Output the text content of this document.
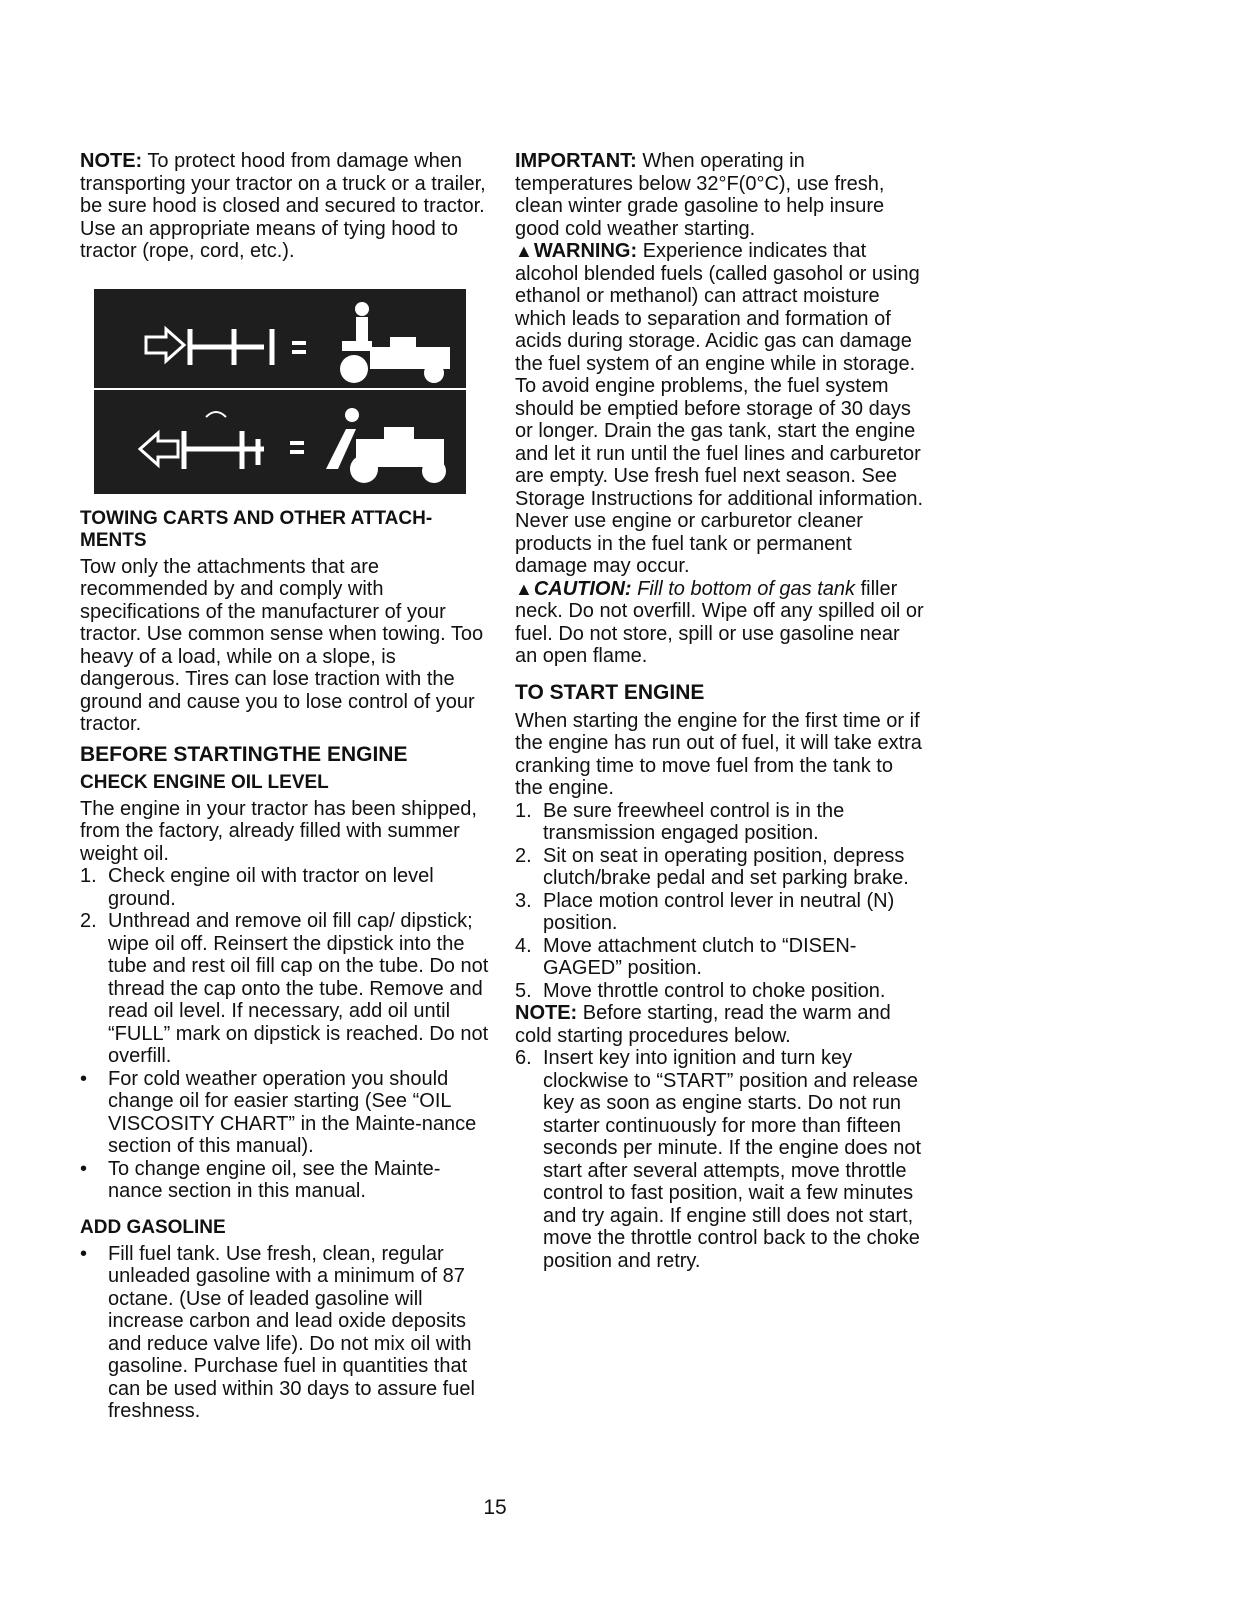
NOTE: To protect hood from damage when transporting your tractor on a truck or a trailer, be sure hood is closed and secured to tractor. Use an appropriate means of tying hood to tractor (rope, cord, etc.).

TOWING CARTS AND OTHER ATTACH-MENTS

Tow only the attachments that are recommended by and comply with specifications of the manufacturer of your tractor. Use common sense when towing. Too heavy of a load, while on a slope, is dangerous. Tires can lose traction with the ground and cause you to lose control of your tractor.

BEFORE STARTINGTHE ENGINE
CHECK ENGINE OIL LEVEL

The engine in your tractor has been shipped, from the factory, already filled with summer weight oil.

1. Check engine oil with tractor on level ground.
2. Unthread and remove oil fill cap/ dipstick; wipe oil off. Reinsert the dipstick into the tube and rest oil fill cap on the tube. Do not thread the cap onto the tube. Remove and read oil level. If necessary, add oil until “FULL” mark on dipstick is reached. Do not overfill.
• For cold weather operation you should change oil for easier starting (See “OIL VISCOSITY CHART” in the Mainte-nance section of this manual).
• To change engine oil, see the Mainte-nance section in this manual.
ADD GASOLINE
• Fill fuel tank. Use fresh, clean, regular unleaded gasoline with a minimum of 87 octane. (Use of leaded gasoline will increase carbon and lead oxide deposits and reduce valve life). Do not mix oil with gasoline. Purchase fuel in quantities that can be used within 30 days to assure fuel freshness.

IMPORTANT: When operating in temperatures below 32°F(0°C), use fresh, clean winter grade gasoline to help insure good cold weather starting.

▲WARNING: Experience indicates that alcohol blended fuels (called gasohol or using ethanol or methanol) can attract moisture which leads to separation and formation of acids during storage. Acidic gas can damage the fuel system of an engine while in storage. To avoid engine problems, the fuel system should be emptied before storage of 30 days or longer. Drain the gas tank, start the engine and let it run until the fuel lines and carburetor are empty. Use fresh fuel next season. See Storage Instructions for additional information. Never use engine or carburetor cleaner products in the fuel tank or permanent damage may occur.

▲CAUTION: Fill to bottom of gas tank filler neck. Do not overfill. Wipe off any spilled oil or fuel. Do not store, spill or use gasoline near an open flame.

TO START ENGINE

When starting the engine for the first time or if the engine has run out of fuel, it will take extra cranking time to move fuel from the tank to the engine.

1. Be sure freewheel control is in the transmission engaged position.
2. Sit on seat in operating position, depress clutch/brake pedal and set parking brake.
3. Place motion control lever in neutral (N) position.
4. Move attachment clutch to “DISEN-GAGED” position.
5. Move throttle control to choke position.

NOTE: Before starting, read the warm and cold starting procedures below.

6. Insert key into ignition and turn key clockwise to “START” position and release key as soon as engine starts. Do not run starter continuously for more than fifteen seconds per minute. If the engine does not start after several attempts, move throttle control to fast position, wait a few minutes and try again. If engine still does not start, move the throttle control back to the choke position and retry.
15
